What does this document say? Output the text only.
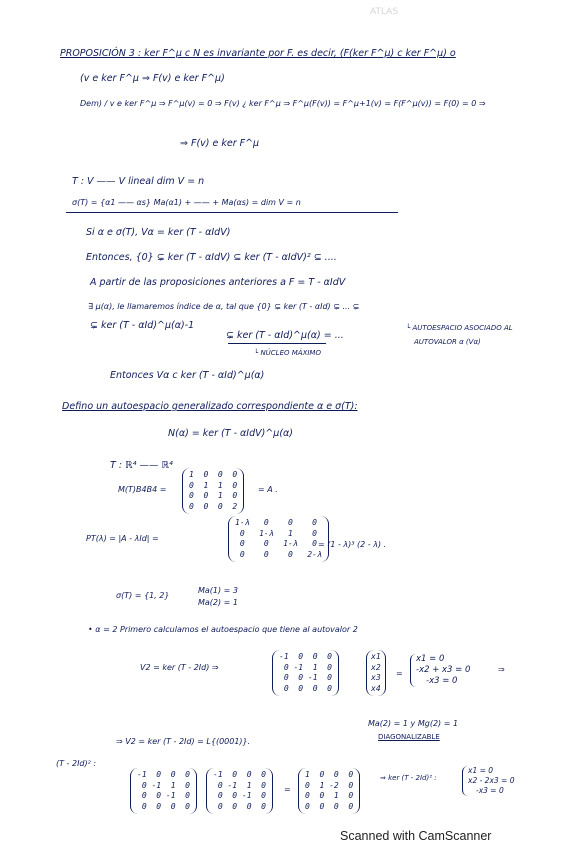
ATLAS
PROPOSICIÓN 3 : ker F^µ c N es invariante por F. es decir, (F(ker F^µ) c ker F^µ) o
(v e ker F^µ ⇒ F(v) e ker F^µ)
Dem) / v e ker F^µ ⇒ F^µ(v) = 0 ⇒ F(v) ¿ ker F^µ ⇒ F^µ(F(v)) = F^µ+1(v) = F(F^µ(v)) = F(0) = 0 ⇒
⇒ F(v) e ker F^µ
T : V —— V lineal dim V = n
σ(T) = {α1 —— αs} Ma(α1) + —— + Ma(αs) = dim V = n
Si α e σ(T), Vα = ker (T - αIdV)
Entonces, {0} ⊊ ker (T - αIdV) ⊆ ker (T - αIdV)² ⊆ ....
A partir de las proposiciones anteriores a F = T - αIdV
∃ µ(α), le llamaremos índice de α, tal que {0} ⊊ ker (T - αId) ⊊ ... ⊊
⊊ ker (T - αId)^µ(α)-1
⊊ ker (T - αId)^µ(α) = ...
└ AUTOESPACIO ASOCIADO AL
AUTOVALOR α (Vα)
└ NÚCLEO MÁXIMO
Entonces Vα c ker (T - αId)^µ(α)
Defino un autoespacio generalizado correspondiente α e σ(T):
N(α) = ker (T - αIdV)^µ(α)
T : ℝ⁴ —— ℝ⁴
M(T)B4B4 =
1  0  0  0
0  1  1  0
0  0  1  0
0  0  0  2
= A .
PT(λ) = |A - λId| =
1-λ   0    0    0
0   1-λ   1    0
0    0   1-λ   0
0    0    0   2-λ
= (1 - λ)³ (2 - λ) .
σ(T) = {1, 2}
Ma(1) = 3
Ma(2) = 1
• α = 2 Primero calculamos el autoespacio que tiene al autovalor 2
V2 = ker (T - 2Id) ⇒
-1  0  0  0
0 -1  1  0
0  0 -1  0
0  0  0  0
x1
x2
x3
x4
=
x1 = 0
-x2 + x3 = 0
-x3 = 0
⇒
Ma(2) = 1 y Mg(2) = 1
DIAGONALIZABLE
⇒ V2 = ker (T - 2Id) = L{(0001)}.
(T - 2Id)² :
-1  0  0  0
0 -1  1  0
0  0 -1  0
0  0  0  0
-1  0  0  0
0 -1  1  0
0  0 -1  0
0  0  0  0
=
1  0  0  0
0  1 -2  0
0  0  1  0
0  0  0  0
⇒ ker (T - 2Id)² :
x1 = 0
x2 - 2x3 = 0
-x3 = 0
Scanned with CamScanner
